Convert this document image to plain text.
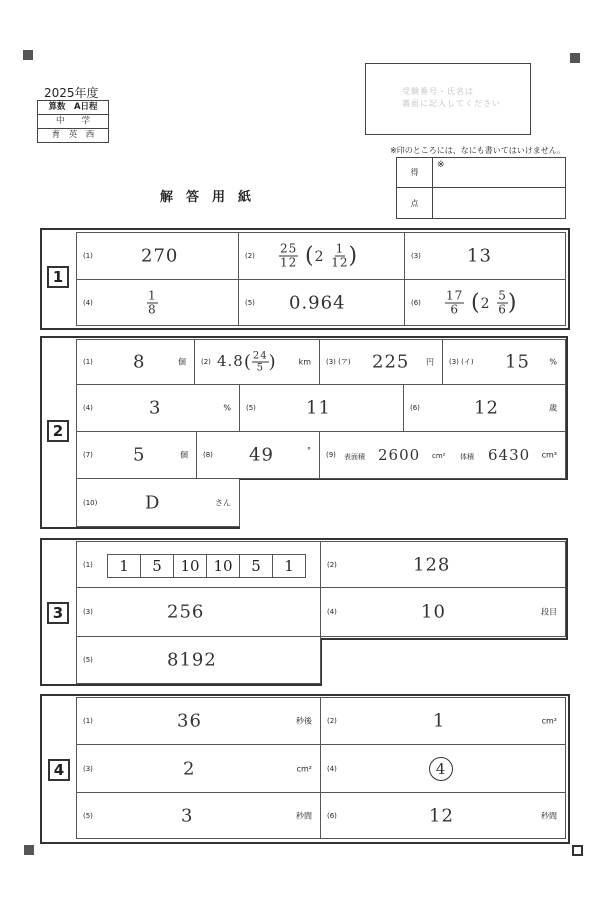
2025年度
算数　A日程
中　　学
育　英　西
受験番号・氏名は
裏面に記入してください
※印のところには、なにも書いてはいけません。
得
※
点
解　答　用　紙
1
(1)	270	$(2) \frac{25}{12} (2 \frac{1}{12}$ )	(3)	13
(4)	$\frac{1}{8}$	(5) 0.964	$(6) \frac{17}{6} (2 \frac{5}{6}$ )
2
(1) 8	個 (2) $4.8( \frac{24}{5}$ )	km (3) (ア) 225 円 (3) (イ) 15 %
(4)	3	% (5)	11	(6)	12	歳
(7) 5	個 (8) 49	° (9) 表面積 2600 cm² 体積 6430 cm³
(10)	D	さん
3
(1)	1 5 10 10 5 1	(2)	128
(3)	256	(4)	10	段目
(5)	8192
4
(1)	36	秒後 (2)	1	cm²
(3)	2	cm² (4)	4
(5)	3	秒間 (6)	12	秒間
